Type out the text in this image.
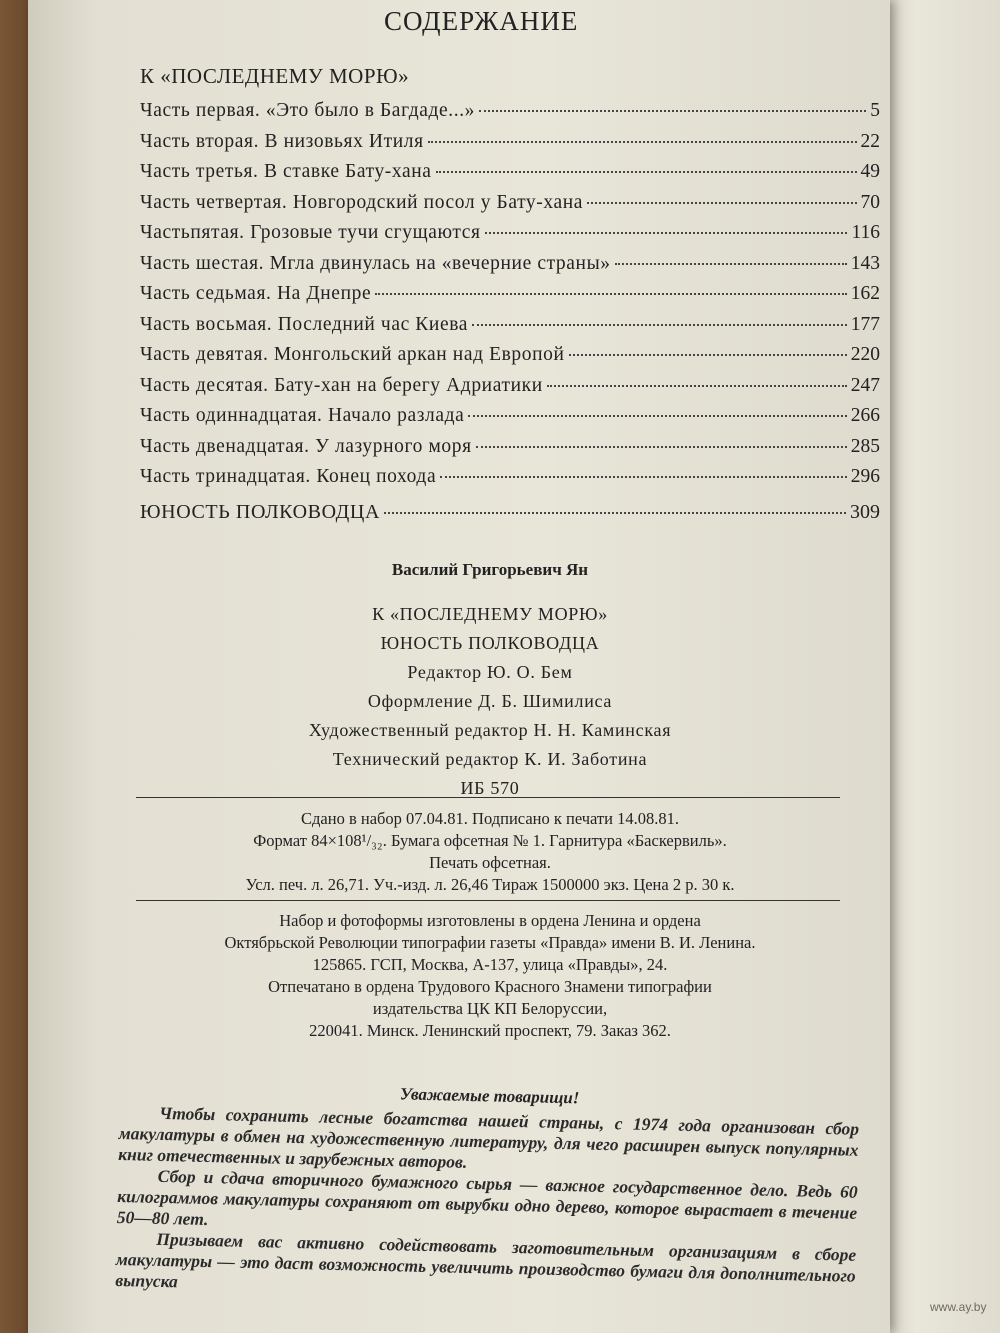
СОДЕРЖАНИЕ
К «ПОСЛЕДНЕМУ МОРЮ»
Часть первая. «Это было в Багдаде...»	5
Часть вторая. В низовьях Итиля	22
Часть третья. В ставке Бату-хана	49
Часть четвертая. Новгородский посол у Бату-хана	70
Частьпятая. Грозовые тучи сгущаются	116
Часть шестая. Мгла двинулась на «вечерние страны»	143
Часть седьмая. На Днепре	162
Часть восьмая. Последний час Киева	177
Часть девятая. Монгольский аркан над Европой	220
Часть десятая. Бату-хан на берегу Адриатики	247
Часть одиннадцатая. Начало разлада	266
Часть двенадцатая. У лазурного моря	285
Часть тринадцатая. Конец похода	296
ЮНОСТЬ ПОЛКОВОДЦА	309
Василий Григорьевич Ян
К «ПОСЛЕДНЕМУ МОРЮ»
ЮНОСТЬ ПОЛКОВОДЦА
Редактор Ю. О. Бем
Оформление Д. Б. Шимилиса
Художественный редактор Н. Н. Каминская
Технический редактор К. И. Заботина
ИБ 570
Сдано в набор 07.04.81. Подписано к печати 14.08.81.
Формат 84×108¹/₃₂. Бумага офсетная № 1. Гарнитура «Баскервиль».
Печать офсетная.
Усл. печ. л. 26,71. Уч.-изд. л. 26,46 Тираж 1500000 экз. Цена 2 р. 30 к.
Набор и фотоформы изготовлены в ордена Ленина и ордена
Октябрьской Революции типографии газеты «Правда» имени В. И. Ленина.
125865. ГСП, Москва, А-137, улица «Правды», 24.
Отпечатано в ордена Трудового Красного Знамени типографии
издательства ЦК КП Белоруссии,
220041. Минск. Ленинский проспект, 79. Заказ 362.
Уважаемые товарищи!

Чтобы сохранить лесные богатства нашей страны, с 1974 года организован сбор макулатуры в обмен на художественную литературу, для чего расширен выпуск популярных книг отечественных и зарубежных авторов.

Сбор и сдача вторичного бумажного сырья — важное государственное дело. Ведь 60 килограммов макулатуры сохраняют от вырубки одно дерево, которое вырастает в течение 50—80 лет.

Призываем вас активно содействовать заготовительным организациям в сборе макулатуры — это даст возможность увеличить производство бумаги для дополнительного выпуска

www.ay.by
